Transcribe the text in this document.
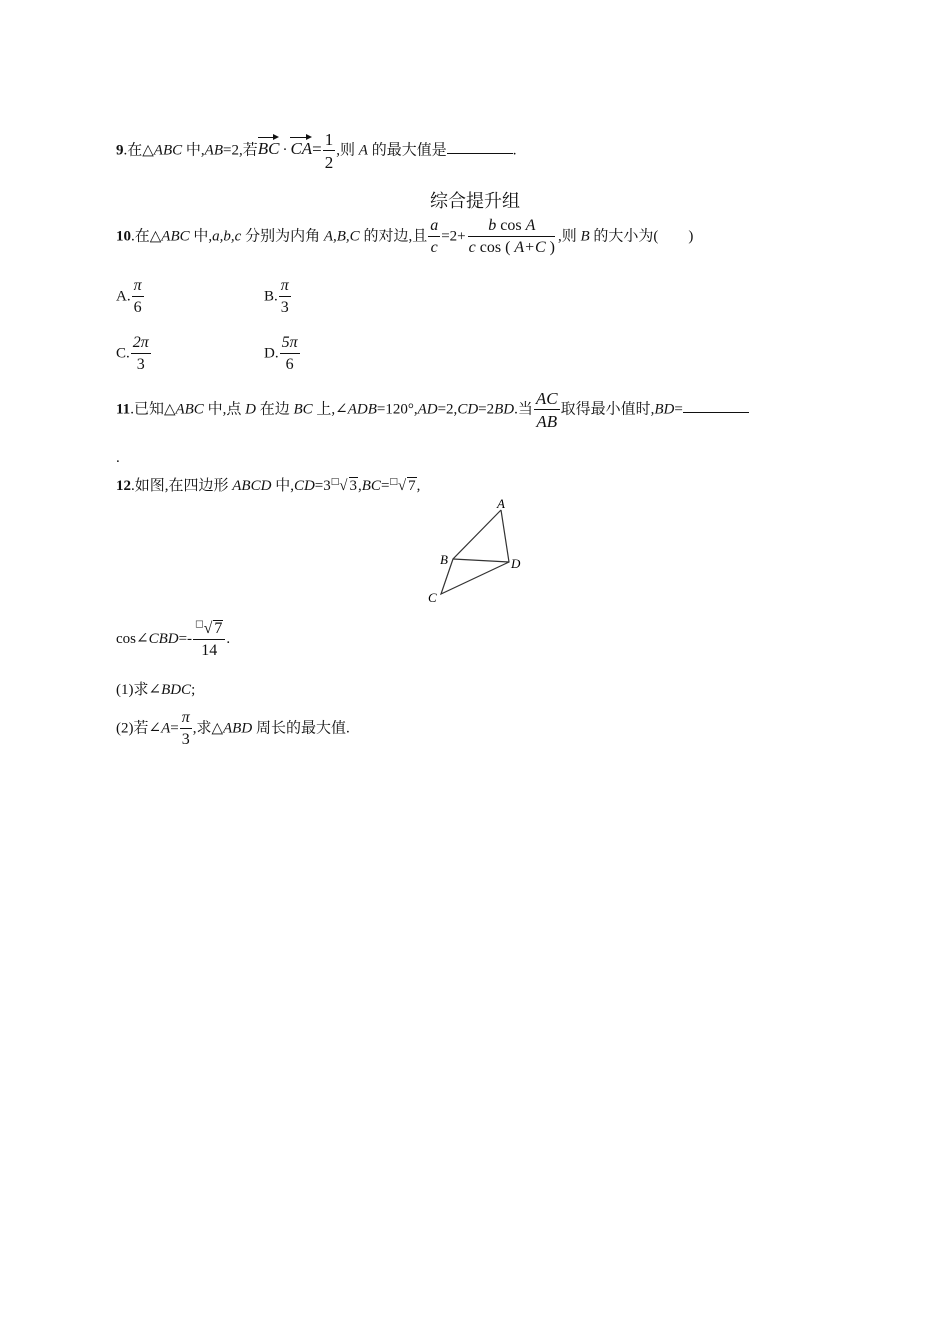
9.在△ABC 中,AB=2,若BC · $CA= \frac{1}{2}$ ,则 A 的最大值是	.
综合提升组
10.在△ABC 中,a,b,c 分别为内角 A,B,C 的对边,且 $\frac{a}{c} =2+ \frac{\text{b cos A}}{\text{c cos ( A+C )}}$ ,则 B 的大小为( )
A. $\frac{\pi}{6}$	B. $\frac{\pi}{3}$
C. $\frac{2\pi}{3}$	D. $\frac{5\pi}{6}$
11.已知△ABC 中,点 D 在边 BC 上,∠ADB=120°,AD=2,CD=2BD.当 $\frac{AC}{AB}$ 取得最小值时,BD=
.
12.如图,在四边形 ABCD 中,CD=3□√ 3,BC=□√ 7,
A
B
C
D
cos∠CBD=- $\frac{^□√ 7}{14}$ .
(1)求∠BDC;
(2)若∠A= $\frac{\pi}{3}$ ,求△ABD 周长的最大值.
